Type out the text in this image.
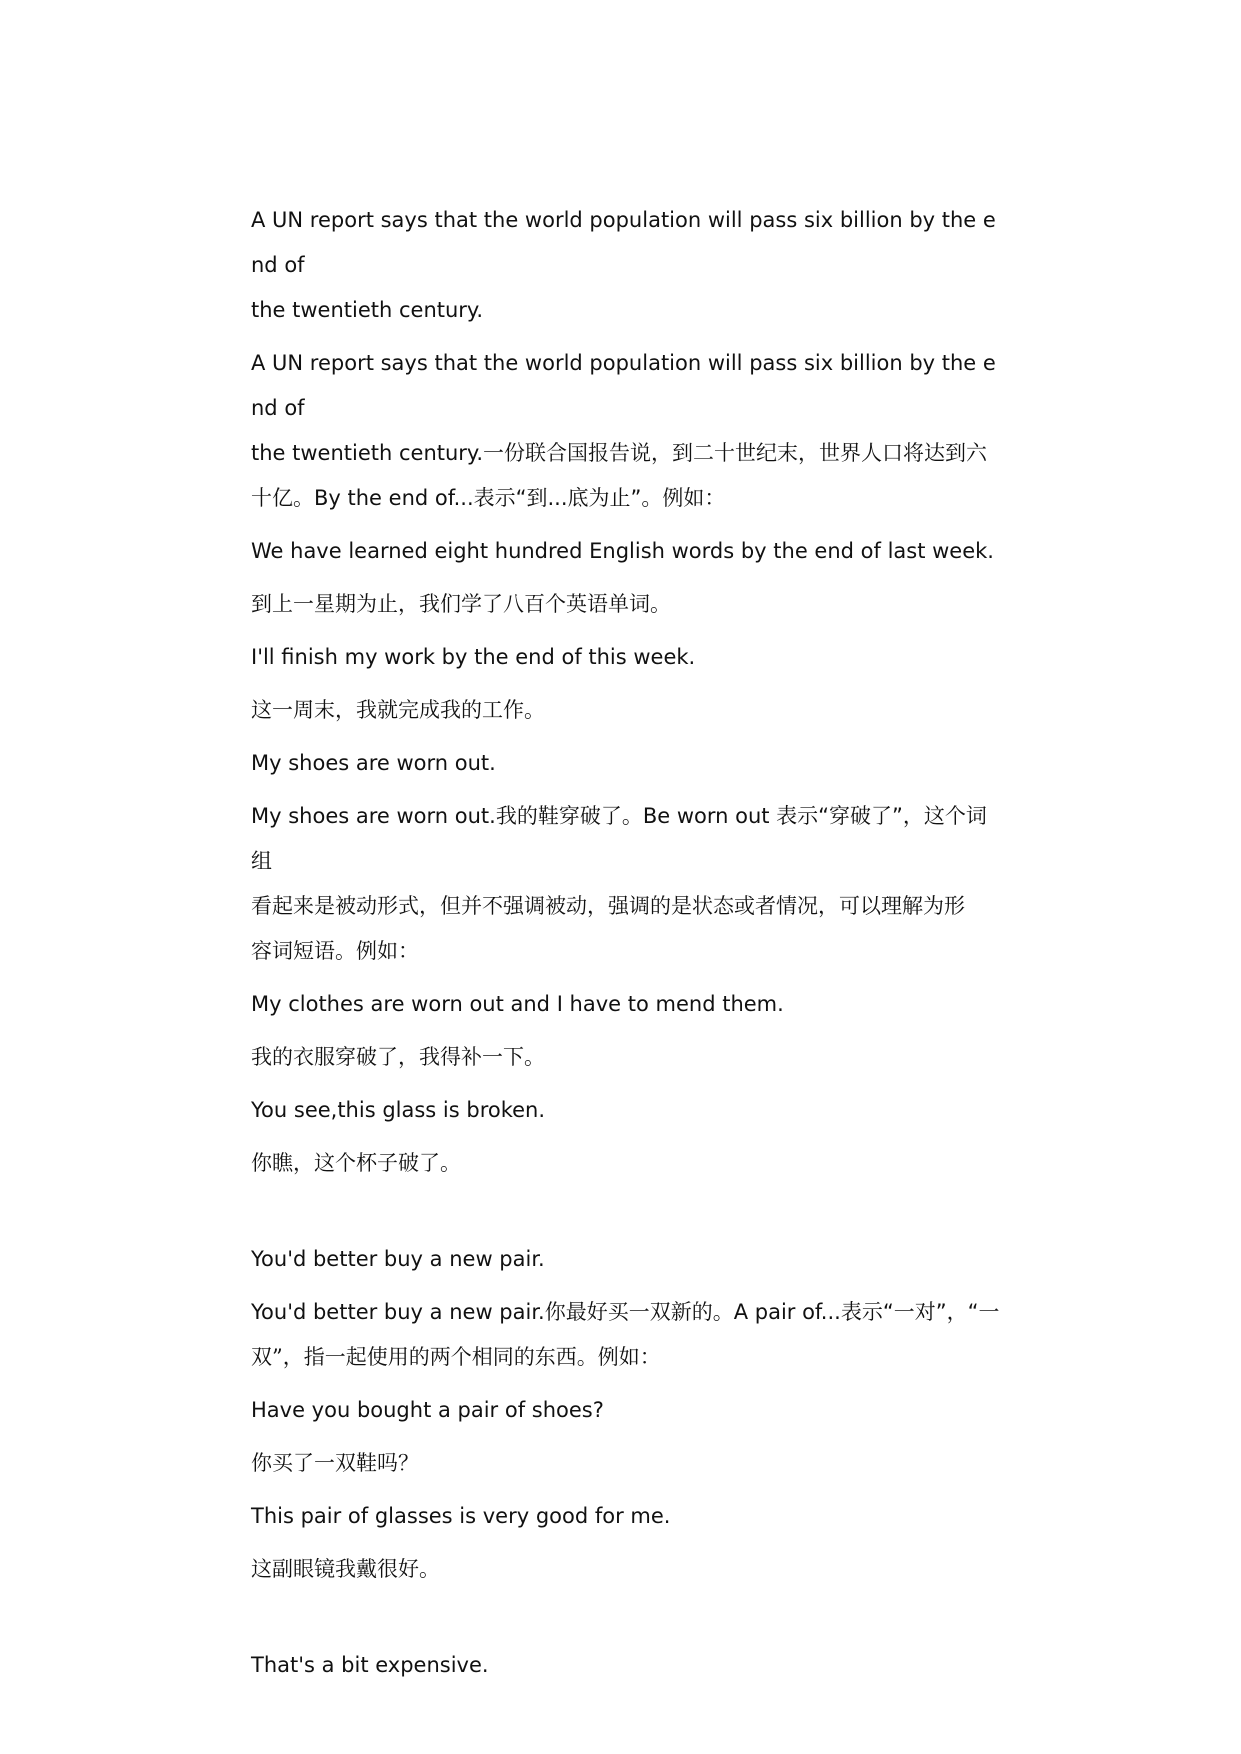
A UN report says that the world population will pass six billion by the end of
the twentieth century.
A UN report says that the world population will pass six billion by the end of
the twentieth century.一份联合国报告说，到二十世纪末，世界人口将达到六
十亿。By the end of...表示“到...底为止”。例如：
We have learned eight hundred English words by the end of last week.
到上一星期为止，我们学了八百个英语单词。
I'll finish my work by the end of this week.
这一周末，我就完成我的工作。
My shoes are worn out.
My shoes are worn out.我的鞋穿破了。Be worn out 表示“穿破了”，这个词组
看起来是被动形式，但并不强调被动，强调的是状态或者情况，可以理解为形
容词短语。例如：
My clothes are worn out and I have to mend them.
我的衣服穿破了，我得补一下。
You see,this glass is broken.
你瞧，这个杯子破了。
You'd better buy a new pair.
You'd better buy a new pair.你最好买一双新的。A pair of...表示“一对”，“一
双”，指一起使用的两个相同的东西。例如：
Have you bought a pair of shoes?
你买了一双鞋吗？
This pair of glasses is very good for me.
这副眼镜我戴很好。
That's a bit expensive.
